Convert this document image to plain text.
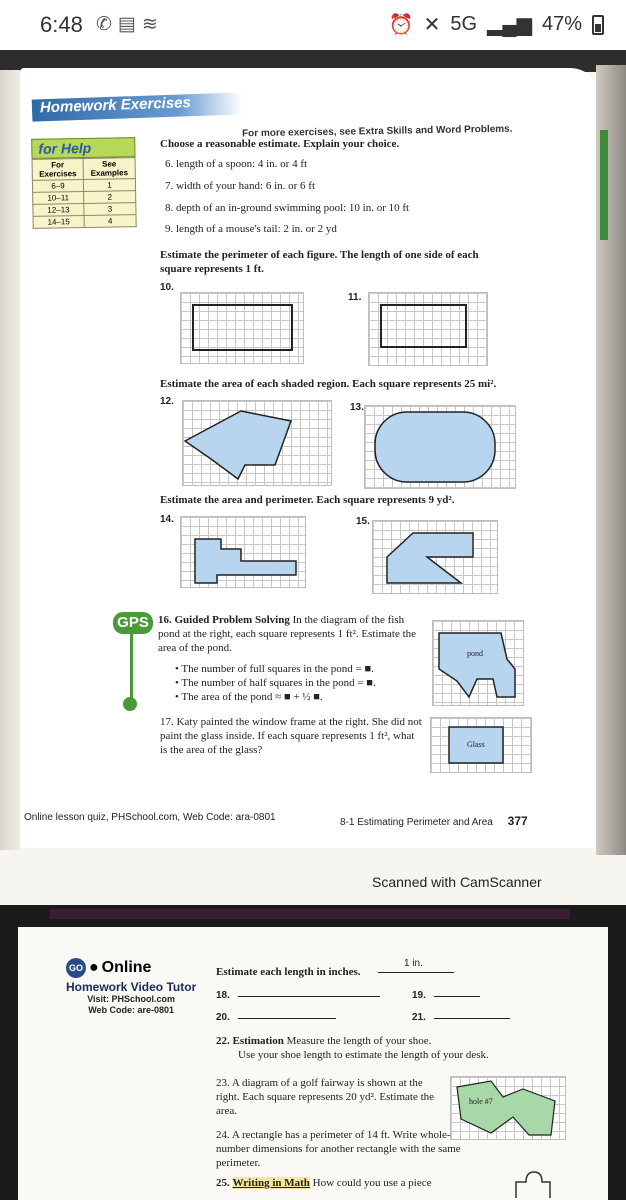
6:48 ✆ ▤ ≋	⏰ ✕ 5G ▂▄▆ 47%
Homework Exercises
For more exercises, see Extra Skills and Word Problems.
for Help
For Exercises	See Examples
6–9	1
10–11	2
12–13	3
14–15	4
Choose a reasonable estimate. Explain your choice.
6. length of a spoon: 4 in. or 4 ft
7. width of your hand: 6 in. or 6 ft
8. depth of an in-ground swimming pool: 10 in. or 10 ft
9. length of a mouse's tail: 2 in. or 2 yd
Estimate the perimeter of each figure. The length of one side of each square represents 1 ft.
10.
11.
Estimate the area of each shaded region. Each square represents 25 mi².
12.
13.
Estimate the area and perimeter. Each square represents 9 yd².
14.	15.
GPS 16. Guided Problem Solving In the diagram of the fish pond at the right, each square represents 1 ft². Estimate the area of the pond.
• The number of full squares in the pond = ■.
• The number of half squares in the pond = ■.
• The area of the pond ≈ ■ + ½ ■.
pond
17. Katy painted the window frame at the right. She did not paint the glass inside. If each square represents 1 ft², what is the area of the glass?	Glass
Online lesson quiz, PHSchool.com, Web Code: ara-0801	8-1 Estimating Perimeter and Area 377
Scanned with CamScanner
GO ● Online
Homework Video Tutor
Visit: PHSchool.com
Web Code: are-0801
Estimate each length in inches.
1 in.
18.	19.
20.	21.
22. Estimation Measure the length of your shoe.
Use your shoe length to estimate the length of your desk.
23. A diagram of a golf fairway is shown at the right. Each square represents 20 yd². Estimate the area.
hole #7
24. A rectangle has a perimeter of 14 ft. Write whole-number dimensions for another rectangle with the same perimeter.
25. Writing in Math How could you use a piece
